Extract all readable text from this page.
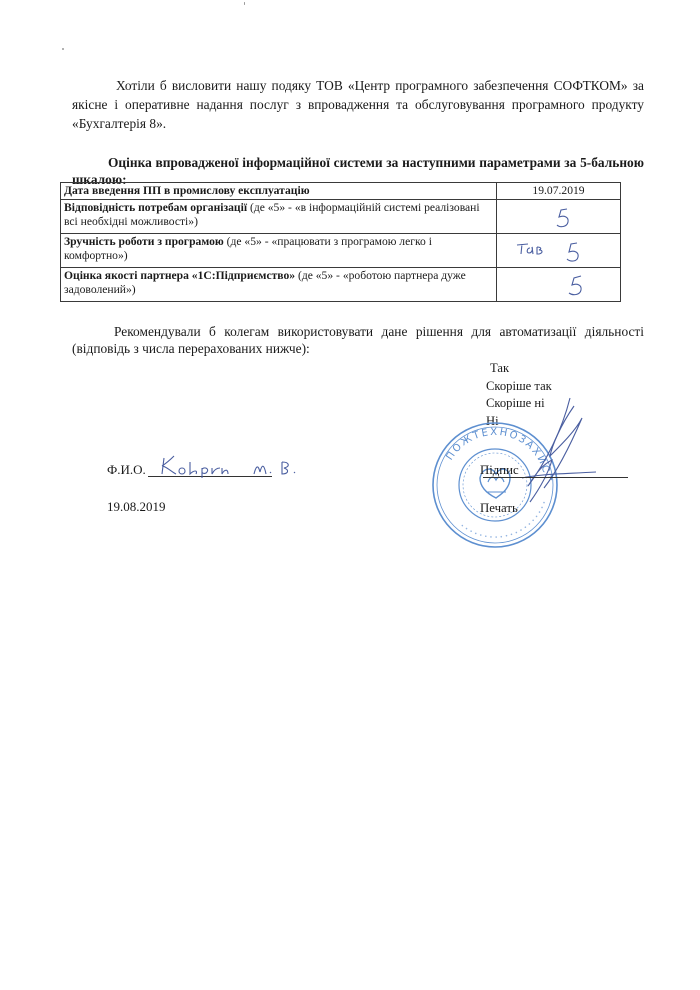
Хотіли б висловити нашу подяку ТОВ «Центр програмного забезпечення СОФТКОМ» за якісне і оперативне надання послуг з впровадження та обслуговування програмного продукту «Бухгалтерія 8».
Оцінка впровадженої інформаційної системи за наступними параметрами за 5-бальною шкалою:
Дата введення ПП в промислову експлуатацію	19.07.2019
Відповідність потребам організації (де «5» - «в інформаційній системі реалізовані всі необхідні можливості»)	5

Зручність роботи з програмою (де «5» - «працювати з програмою легко і комфортно»)	так 5

Оцінка якості партнера «1С:Підприємство» (де «5» - «роботою партнера дуже задоволений»)	5
Рекомендували б колегам використовувати дане рішення для автоматизації діяльності (відповідь з числа перерахованих нижче):
Так
Скоріше так
Скоріше ні
Ні
ПОЖТЕХНОЗАХИСТ
• • • • • • • • • • • • • • • • • • • •
Ф.И.О.	Кобрин М.В.
19.08.2019
Підпис
Печать
